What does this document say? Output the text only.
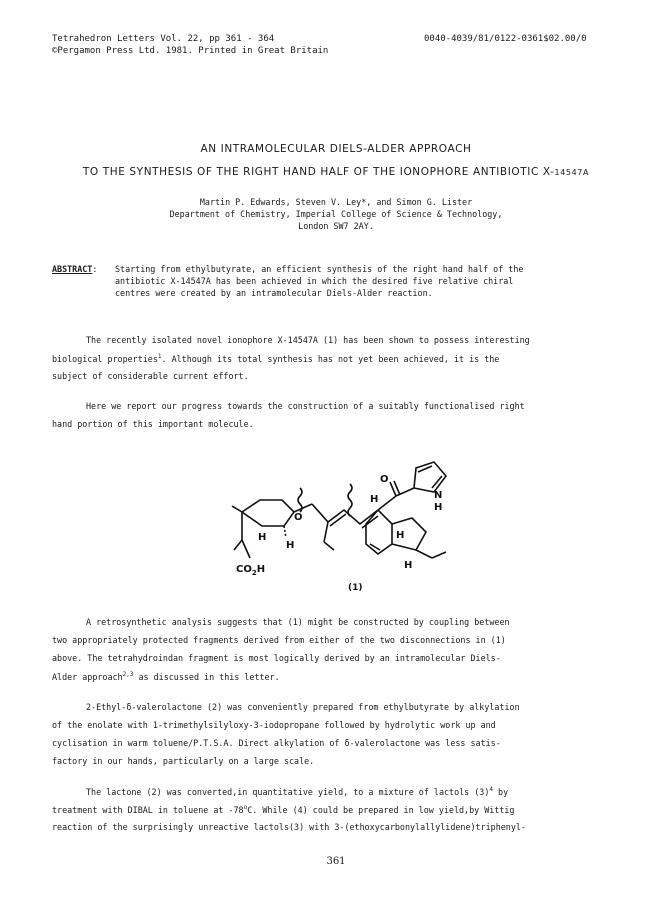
Tetrahedron Letters Vol. 22, pp 361 - 364
©Pergamon Press Ltd. 1981. Printed in Great Britain
0040-4039/81/0122-0361$02.00/0
AN INTRAMOLECULAR DIELS-ALDER APPROACH
TO THE SYNTHESIS OF THE RIGHT HAND HALF OF THE IONOPHORE ANTIBIOTIC X-14547A
Martin P. Edwards, Steven V. Ley*, and Simon G. Lister
Department of Chemistry, Imperial College of Science & Technology,
London SW7 2AY.
ABSTRACT: Starting from ethylbutyrate, an efficient synthesis of the right hand half of the
antibiotic X-14547A has been achieved in which the desired five relative chiral
centres were created by an intramolecular Diels-Alder reaction.
The recently isolated novel ionophore X-14547A (1) has been shown to possess interesting
biological properties$^1$. Although its total synthesis has not yet been achieved, it is the
subject of considerable current effort.
Here we report our progress towards the construction of a suitably functionalised right
hand portion of this important molecule.
O
O
N
H
H
H
H
H
H
$CO_2H$
(1)
A retrosynthetic analysis suggests that (1) might be constructed by coupling between
two appropriately protected fragments derived from either of the two disconnections in (1)
above. The tetrahydroindan fragment is most logically derived by an intramolecular Diels-
Alder approach$^{2,3}$ as discussed in this letter.
2-Ethyl-δ-valerolactone (2) was conveniently prepared from ethylbutyrate by alkylation
of the enolate with 1-trimethylsilyloxy-3-iodopropane followed by hydrolytic work up and
cyclisation in warm toluene/P.T.S.A. Direct alkylation of δ-valerolactone was less satis-
factory in our hands, particularly on a large scale.
The lactone (2) was converted,in quantitative yield, to a mixture of lactols $(3)^4$ by
treatment with DIBAL in toluene at -78$^o$C. While (4) could be prepared in low yield,by Wittig
reaction of the surprisingly unreactive lactols(3) with 3-(ethoxycarbonylallylidene)triphenyl-
361
